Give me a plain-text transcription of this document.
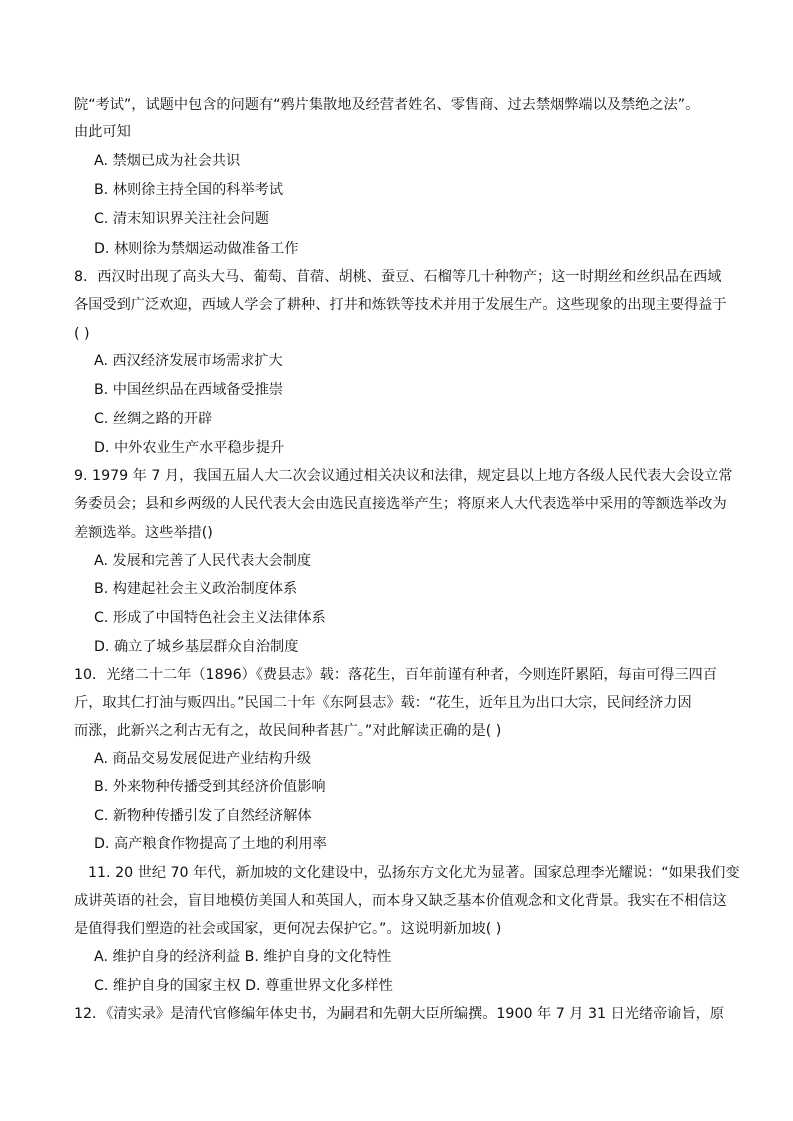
院“考试”，试题中包含的问题有“鸦片集散地及经营者姓名、零售商、过去禁烟弊端以及禁绝之法”。
由此可知
A. 禁烟已成为社会共识
B. 林则徐主持全国的科举考试
C. 清末知识界关注社会问题
D. 林则徐为禁烟运动做准备工作
8．西汉时出现了高头大马、葡萄、苜蓿、胡桃、蚕豆、石榴等几十种物产；这一时期丝和丝织品在西域
各国受到广泛欢迎，西域人学会了耕种、打井和炼铁等技术并用于发展生产。这些现象的出现主要得益于
( )
A. 西汉经济发展市场需求扩大
B. 中国丝织品在西域备受推崇
C. 丝绸之路的开辟
D. 中外农业生产水平稳步提升
9. 1979 年 7 月，我国五届人大二次会议通过相关决议和法律，规定县以上地方各级人民代表大会设立常
务委员会；县和乡两级的人民代表大会由选民直接选举产生；将原来人大代表选举中采用的等额选举改为
差额选举。这些举措()
A. 发展和完善了人民代表大会制度
B. 构建起社会主义政治制度体系
C. 形成了中国特色社会主义法律体系
D. 确立了城乡基层群众自治制度
10．光绪二十二年（1896）《费县志》载：落花生，百年前谨有种者，今则连阡累陌，每亩可得三四百
斤，取其仁打油与贩四出。”民国二十年《东阿县志》载：“花生，近年且为出口大宗，民间经济力因
而涨，此新兴之利古无有之，故民间种者甚广。”对此解读正确的是( )
A. 商品交易发展促进产业结构升级
B. 外来物种传播受到其经济价值影响
C. 新物种传播引发了自然经济解体
D. 高产粮食作物提高了土地的利用率
11. 20 世纪 70 年代，新加坡的文化建设中，弘扬东方文化尤为显著。国家总理李光耀说：“如果我们变
成讲英语的社会，盲目地模仿美国人和英国人，而本身又缺乏基本价值观念和文化背景。我实在不相信这
是值得我们塑造的社会或国家，更何况去保护它。”。这说明新加坡( )
A. 维护自身的经济利益 B. 维护自身的文化特性
C. 维护自身的国家主权 D. 尊重世界文化多样性
12．《清实录》是清代官修编年体史书，为嗣君和先朝大臣所编撰。1900 年 7 月 31 日光绪帝谕旨，原
